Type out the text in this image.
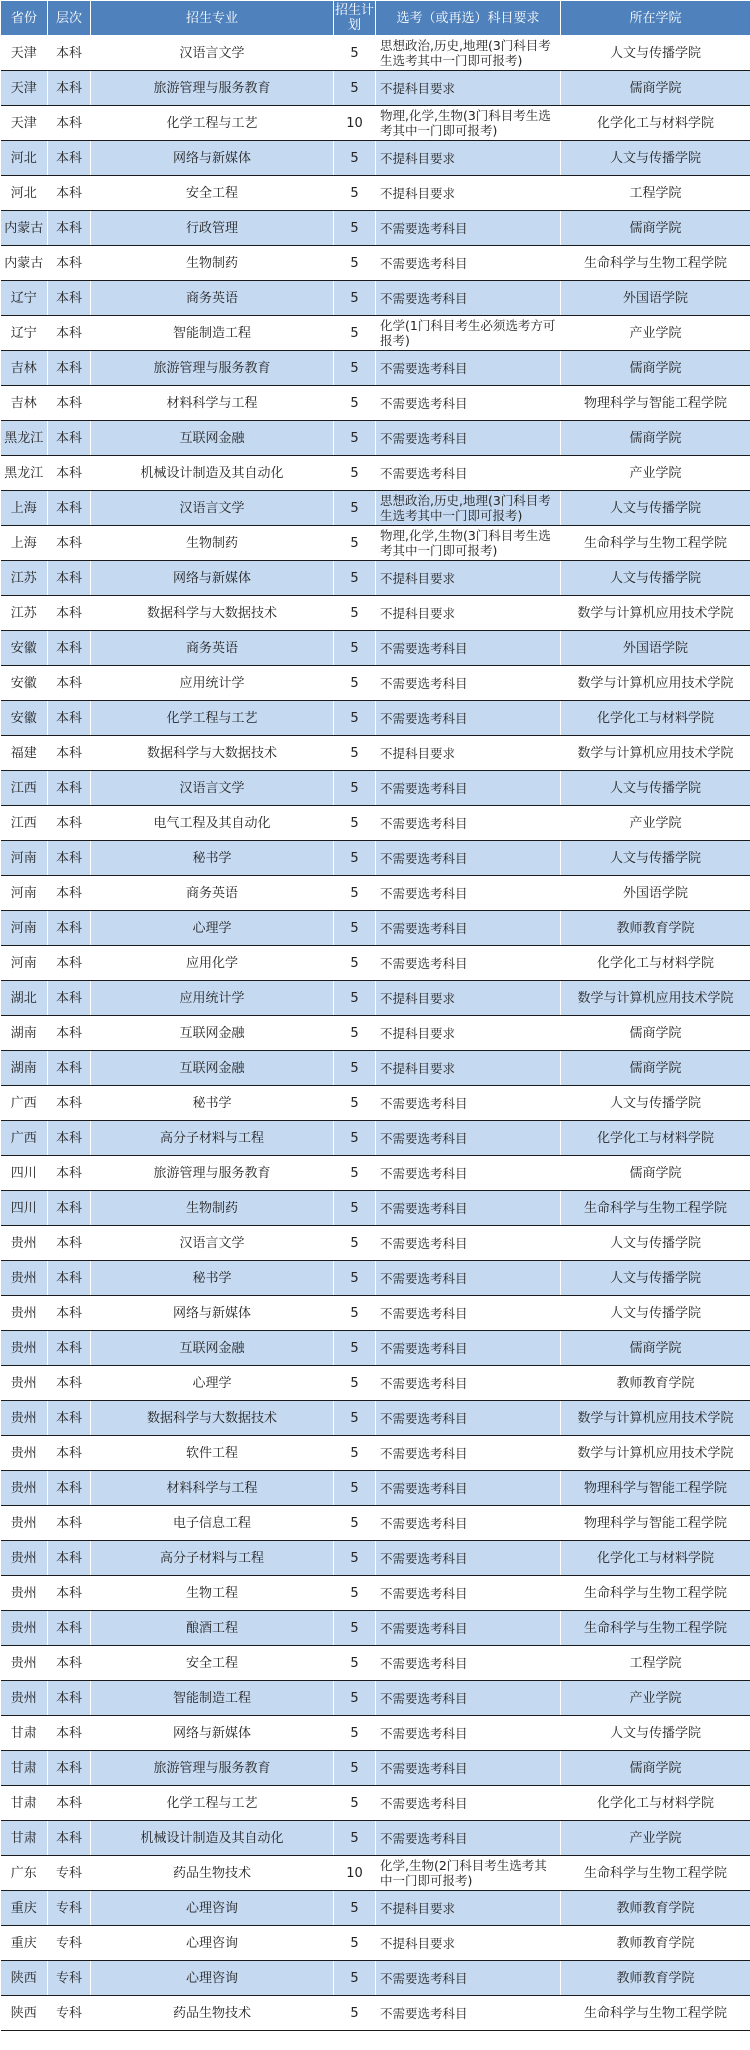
省份	层次	招生专业	招生计划	选考（或再选）科目要求	所在学院
天津	本科	汉语言文学	5	思想政治,历史,地理(3门科目考生选考其中一门即可报考)	人文与传播学院
天津	本科	旅游管理与服务教育	5	不提科目要求	儒商学院
天津	本科	化学工程与工艺	10	物理,化学,生物(3门科目考生选考其中一门即可报考)	化学化工与材料学院
河北	本科	网络与新媒体	5	不提科目要求	人文与传播学院
河北	本科	安全工程	5	不提科目要求	工程学院
内蒙古	本科	行政管理	5	不需要选考科目	儒商学院
内蒙古	本科	生物制药	5	不需要选考科目	生命科学与生物工程学院
辽宁	本科	商务英语	5	不需要选考科目	外国语学院
辽宁	本科	智能制造工程	5	化学(1门科目考生必须选考方可报考)	产业学院
吉林	本科	旅游管理与服务教育	5	不需要选考科目	儒商学院
吉林	本科	材料科学与工程	5	不需要选考科目	物理科学与智能工程学院
黑龙江	本科	互联网金融	5	不需要选考科目	儒商学院
黑龙江	本科	机械设计制造及其自动化	5	不需要选考科目	产业学院
上海	本科	汉语言文学	5	思想政治,历史,地理(3门科目考生选考其中一门即可报考)	人文与传播学院
上海	本科	生物制药	5	物理,化学,生物(3门科目考生选考其中一门即可报考)	生命科学与生物工程学院
江苏	本科	网络与新媒体	5	不提科目要求	人文与传播学院
江苏	本科	数据科学与大数据技术	5	不提科目要求	数学与计算机应用技术学院
安徽	本科	商务英语	5	不需要选考科目	外国语学院
安徽	本科	应用统计学	5	不需要选考科目	数学与计算机应用技术学院
安徽	本科	化学工程与工艺	5	不需要选考科目	化学化工与材料学院
福建	本科	数据科学与大数据技术	5	不提科目要求	数学与计算机应用技术学院
江西	本科	汉语言文学	5	不需要选考科目	人文与传播学院
江西	本科	电气工程及其自动化	5	不需要选考科目	产业学院
河南	本科	秘书学	5	不需要选考科目	人文与传播学院
河南	本科	商务英语	5	不需要选考科目	外国语学院
河南	本科	心理学	5	不需要选考科目	教师教育学院
河南	本科	应用化学	5	不需要选考科目	化学化工与材料学院
湖北	本科	应用统计学	5	不提科目要求	数学与计算机应用技术学院
湖南	本科	互联网金融	5	不提科目要求	儒商学院
湖南	本科	互联网金融	5	不提科目要求	儒商学院
广西	本科	秘书学	5	不需要选考科目	人文与传播学院
广西	本科	高分子材料与工程	5	不需要选考科目	化学化工与材料学院
四川	本科	旅游管理与服务教育	5	不需要选考科目	儒商学院
四川	本科	生物制药	5	不需要选考科目	生命科学与生物工程学院
贵州	本科	汉语言文学	5	不需要选考科目	人文与传播学院
贵州	本科	秘书学	5	不需要选考科目	人文与传播学院
贵州	本科	网络与新媒体	5	不需要选考科目	人文与传播学院
贵州	本科	互联网金融	5	不需要选考科目	儒商学院
贵州	本科	心理学	5	不需要选考科目	教师教育学院
贵州	本科	数据科学与大数据技术	5	不需要选考科目	数学与计算机应用技术学院
贵州	本科	软件工程	5	不需要选考科目	数学与计算机应用技术学院
贵州	本科	材料科学与工程	5	不需要选考科目	物理科学与智能工程学院
贵州	本科	电子信息工程	5	不需要选考科目	物理科学与智能工程学院
贵州	本科	高分子材料与工程	5	不需要选考科目	化学化工与材料学院
贵州	本科	生物工程	5	不需要选考科目	生命科学与生物工程学院
贵州	本科	酿酒工程	5	不需要选考科目	生命科学与生物工程学院
贵州	本科	安全工程	5	不需要选考科目	工程学院
贵州	本科	智能制造工程	5	不需要选考科目	产业学院
甘肃	本科	网络与新媒体	5	不需要选考科目	人文与传播学院
甘肃	本科	旅游管理与服务教育	5	不需要选考科目	儒商学院
甘肃	本科	化学工程与工艺	5	不需要选考科目	化学化工与材料学院
甘肃	本科	机械设计制造及其自动化	5	不需要选考科目	产业学院
广东	专科	药品生物技术	10	化学,生物(2门科目考生选考其中一门即可报考)	生命科学与生物工程学院
重庆	专科	心理咨询	5	不提科目要求	教师教育学院
重庆	专科	心理咨询	5	不提科目要求	教师教育学院
陕西	专科	心理咨询	5	不需要选考科目	教师教育学院
陕西	专科	药品生物技术	5	不需要选考科目	生命科学与生物工程学院
